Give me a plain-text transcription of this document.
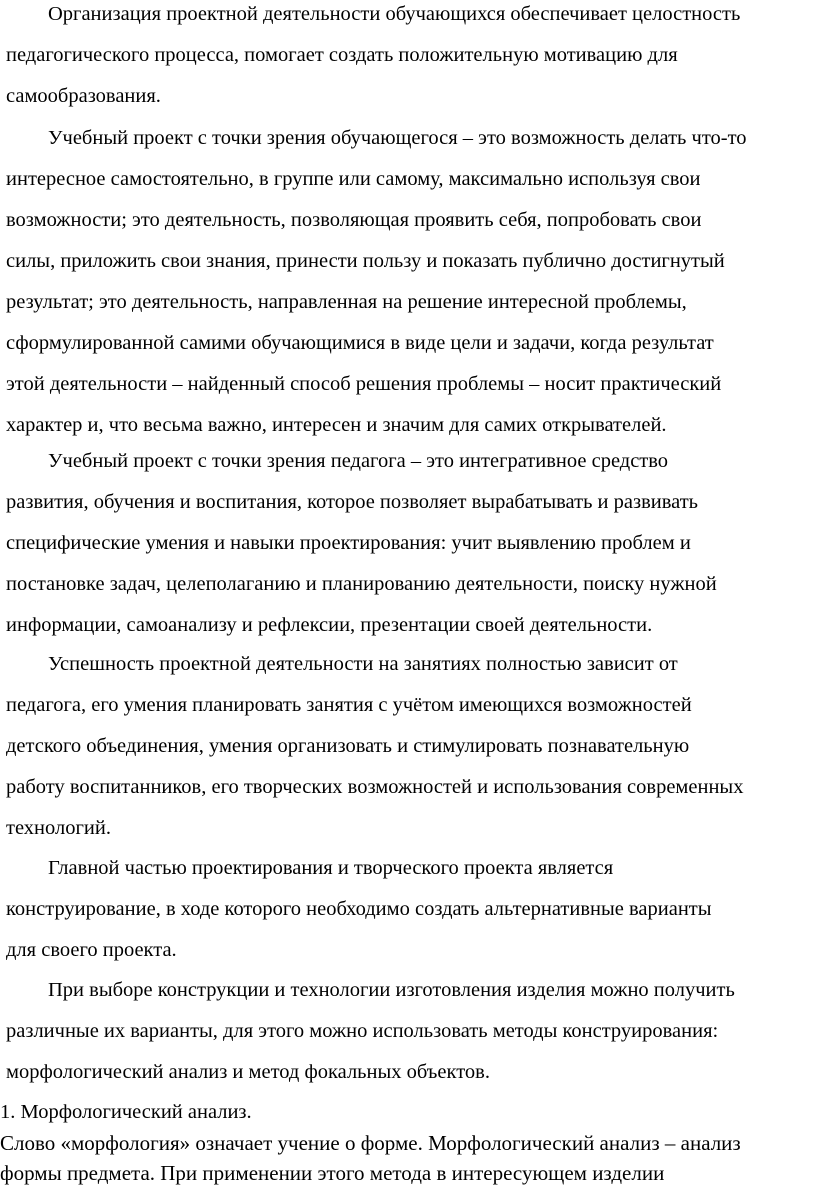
Организация проектной деятельности обучающихся обеспечивает целостность
педагогического процесса, помогает создать положительную мотивацию для
самообразования.

Учебный проект с точки зрения обучающегося – это возможность делать что-то
интересное самостоятельно, в группе или самому, максимально используя свои
возможности; это деятельность, позволяющая проявить себя, попробовать свои
силы, приложить свои знания, принести пользу и показать публично достигнутый
результат; это деятельность, направленная на решение интересной проблемы,
сформулированной самими обучающимися в виде цели и задачи, когда результат
этой деятельности – найденный способ решения проблемы – носит практический
характер и, что весьма важно, интересен и значим для самих открывателей.

Учебный проект с точки зрения педагога – это интегративное средство
развития, обучения и воспитания, которое позволяет вырабатывать и развивать
специфические умения и навыки проектирования: учит выявлению проблем и
постановке задач, целеполаганию и планированию деятельности, поиску нужной
информации, самоанализу и рефлексии, презентации своей деятельности.

Успешность проектной деятельности на занятиях полностью зависит от
педагога, его умения планировать занятия с учётом имеющихся возможностей
детского объединения, умения организовать и стимулировать познавательную
работу воспитанников, его творческих возможностей и использования современных
технологий.

Главной частью проектирования и творческого проекта является
конструирование, в ходе которого необходимо создать альтернативные варианты
для своего проекта.

При выборе конструкции и технологии изготовления изделия можно получить
различные их варианты, для этого можно использовать методы конструирования:
морфологический анализ и метод фокальных объектов.

1. Морфологический анализ.

Слово «морфология» означает учение о форме. Морфологический анализ – анализ
формы предмета. При применении этого метода в интересующем изделии
